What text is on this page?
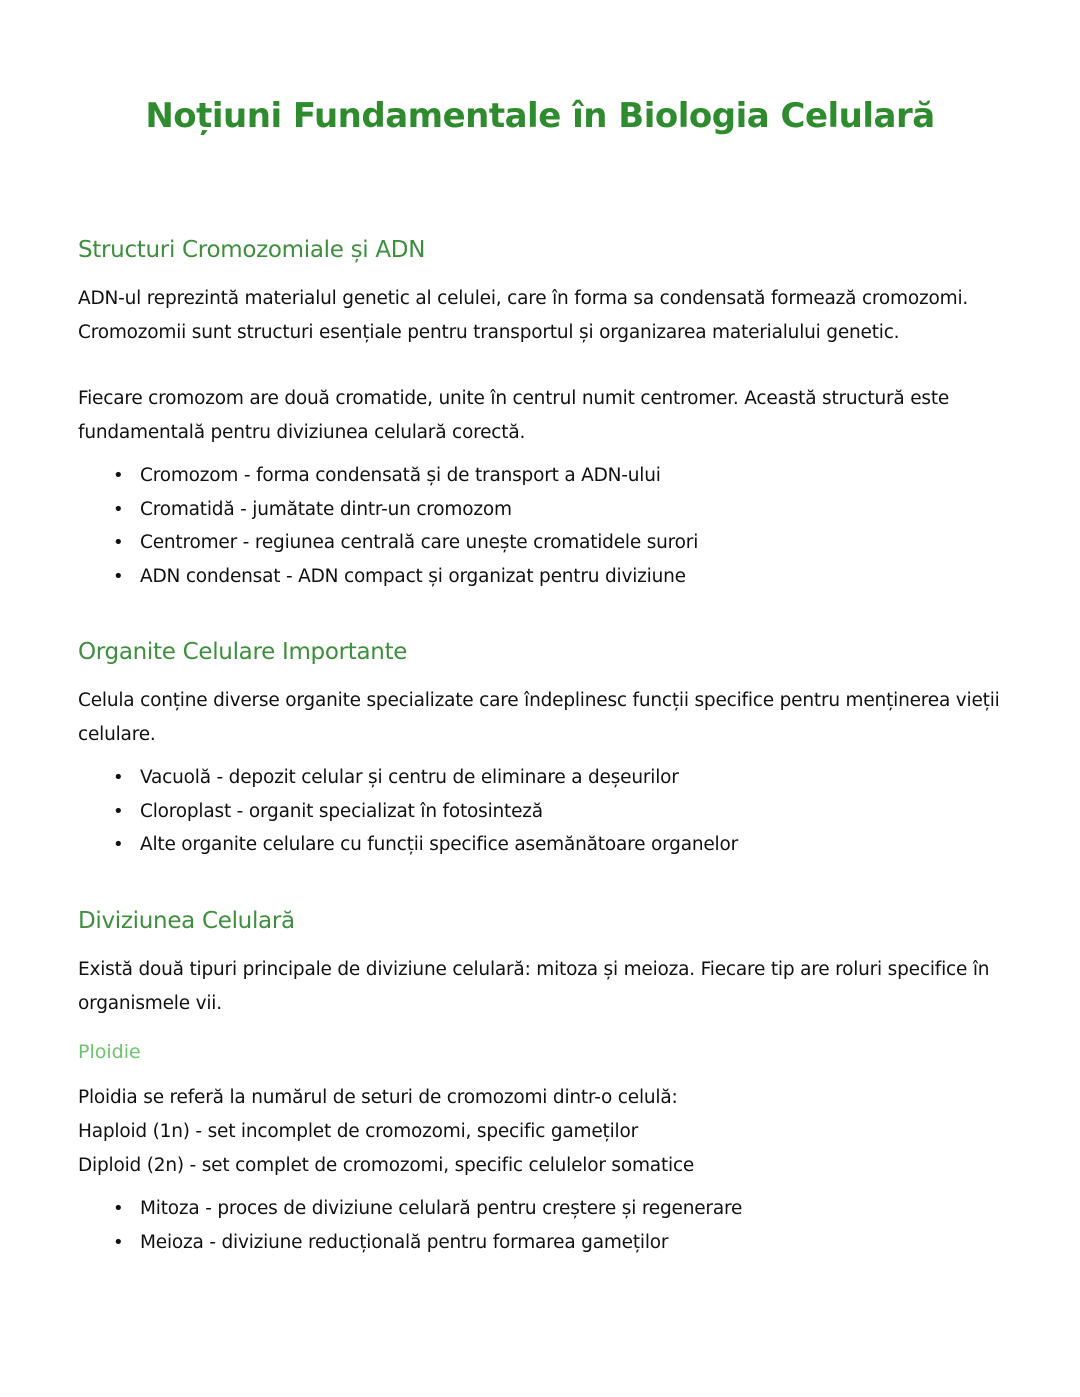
Noțiuni Fundamentale în Biologia Celulară
Structuri Cromozomiale și ADN
ADN-ul reprezintă materialul genetic al celulei, care în forma sa condensată formează cromozomi.
Cromozomii sunt structuri esențiale pentru transportul și organizarea materialului genetic.
Fiecare cromozom are două cromatide, unite în centrul numit centromer. Această structură este
fundamentală pentru diviziunea celulară corectă.
• Cromozom - forma condensată și de transport a ADN-ului
• Cromatidă - jumătate dintr-un cromozom
• Centromer - regiunea centrală care unește cromatidele surori
• ADN condensat - ADN compact și organizat pentru diviziune
Organite Celulare Importante
Celula conține diverse organite specializate care îndeplinesc funcții specifice pentru menținerea vieții
celulare.
• Vacuolă - depozit celular și centru de eliminare a deșeurilor
• Cloroplast - organit specializat în fotosinteză
• Alte organite celulare cu funcții specifice asemănătoare organelor
Diviziunea Celulară
Există două tipuri principale de diviziune celulară: mitoza și meioza. Fiecare tip are roluri specifice în
organismele vii.
Ploidie
Ploidia se referă la numărul de seturi de cromozomi dintr-o celulă:
Haploid (1n) - set incomplet de cromozomi, specific gameților
Diploid (2n) - set complet de cromozomi, specific celulelor somatice
• Mitoza - proces de diviziune celulară pentru creștere și regenerare
• Meioza - diviziune reducțională pentru formarea gameților
